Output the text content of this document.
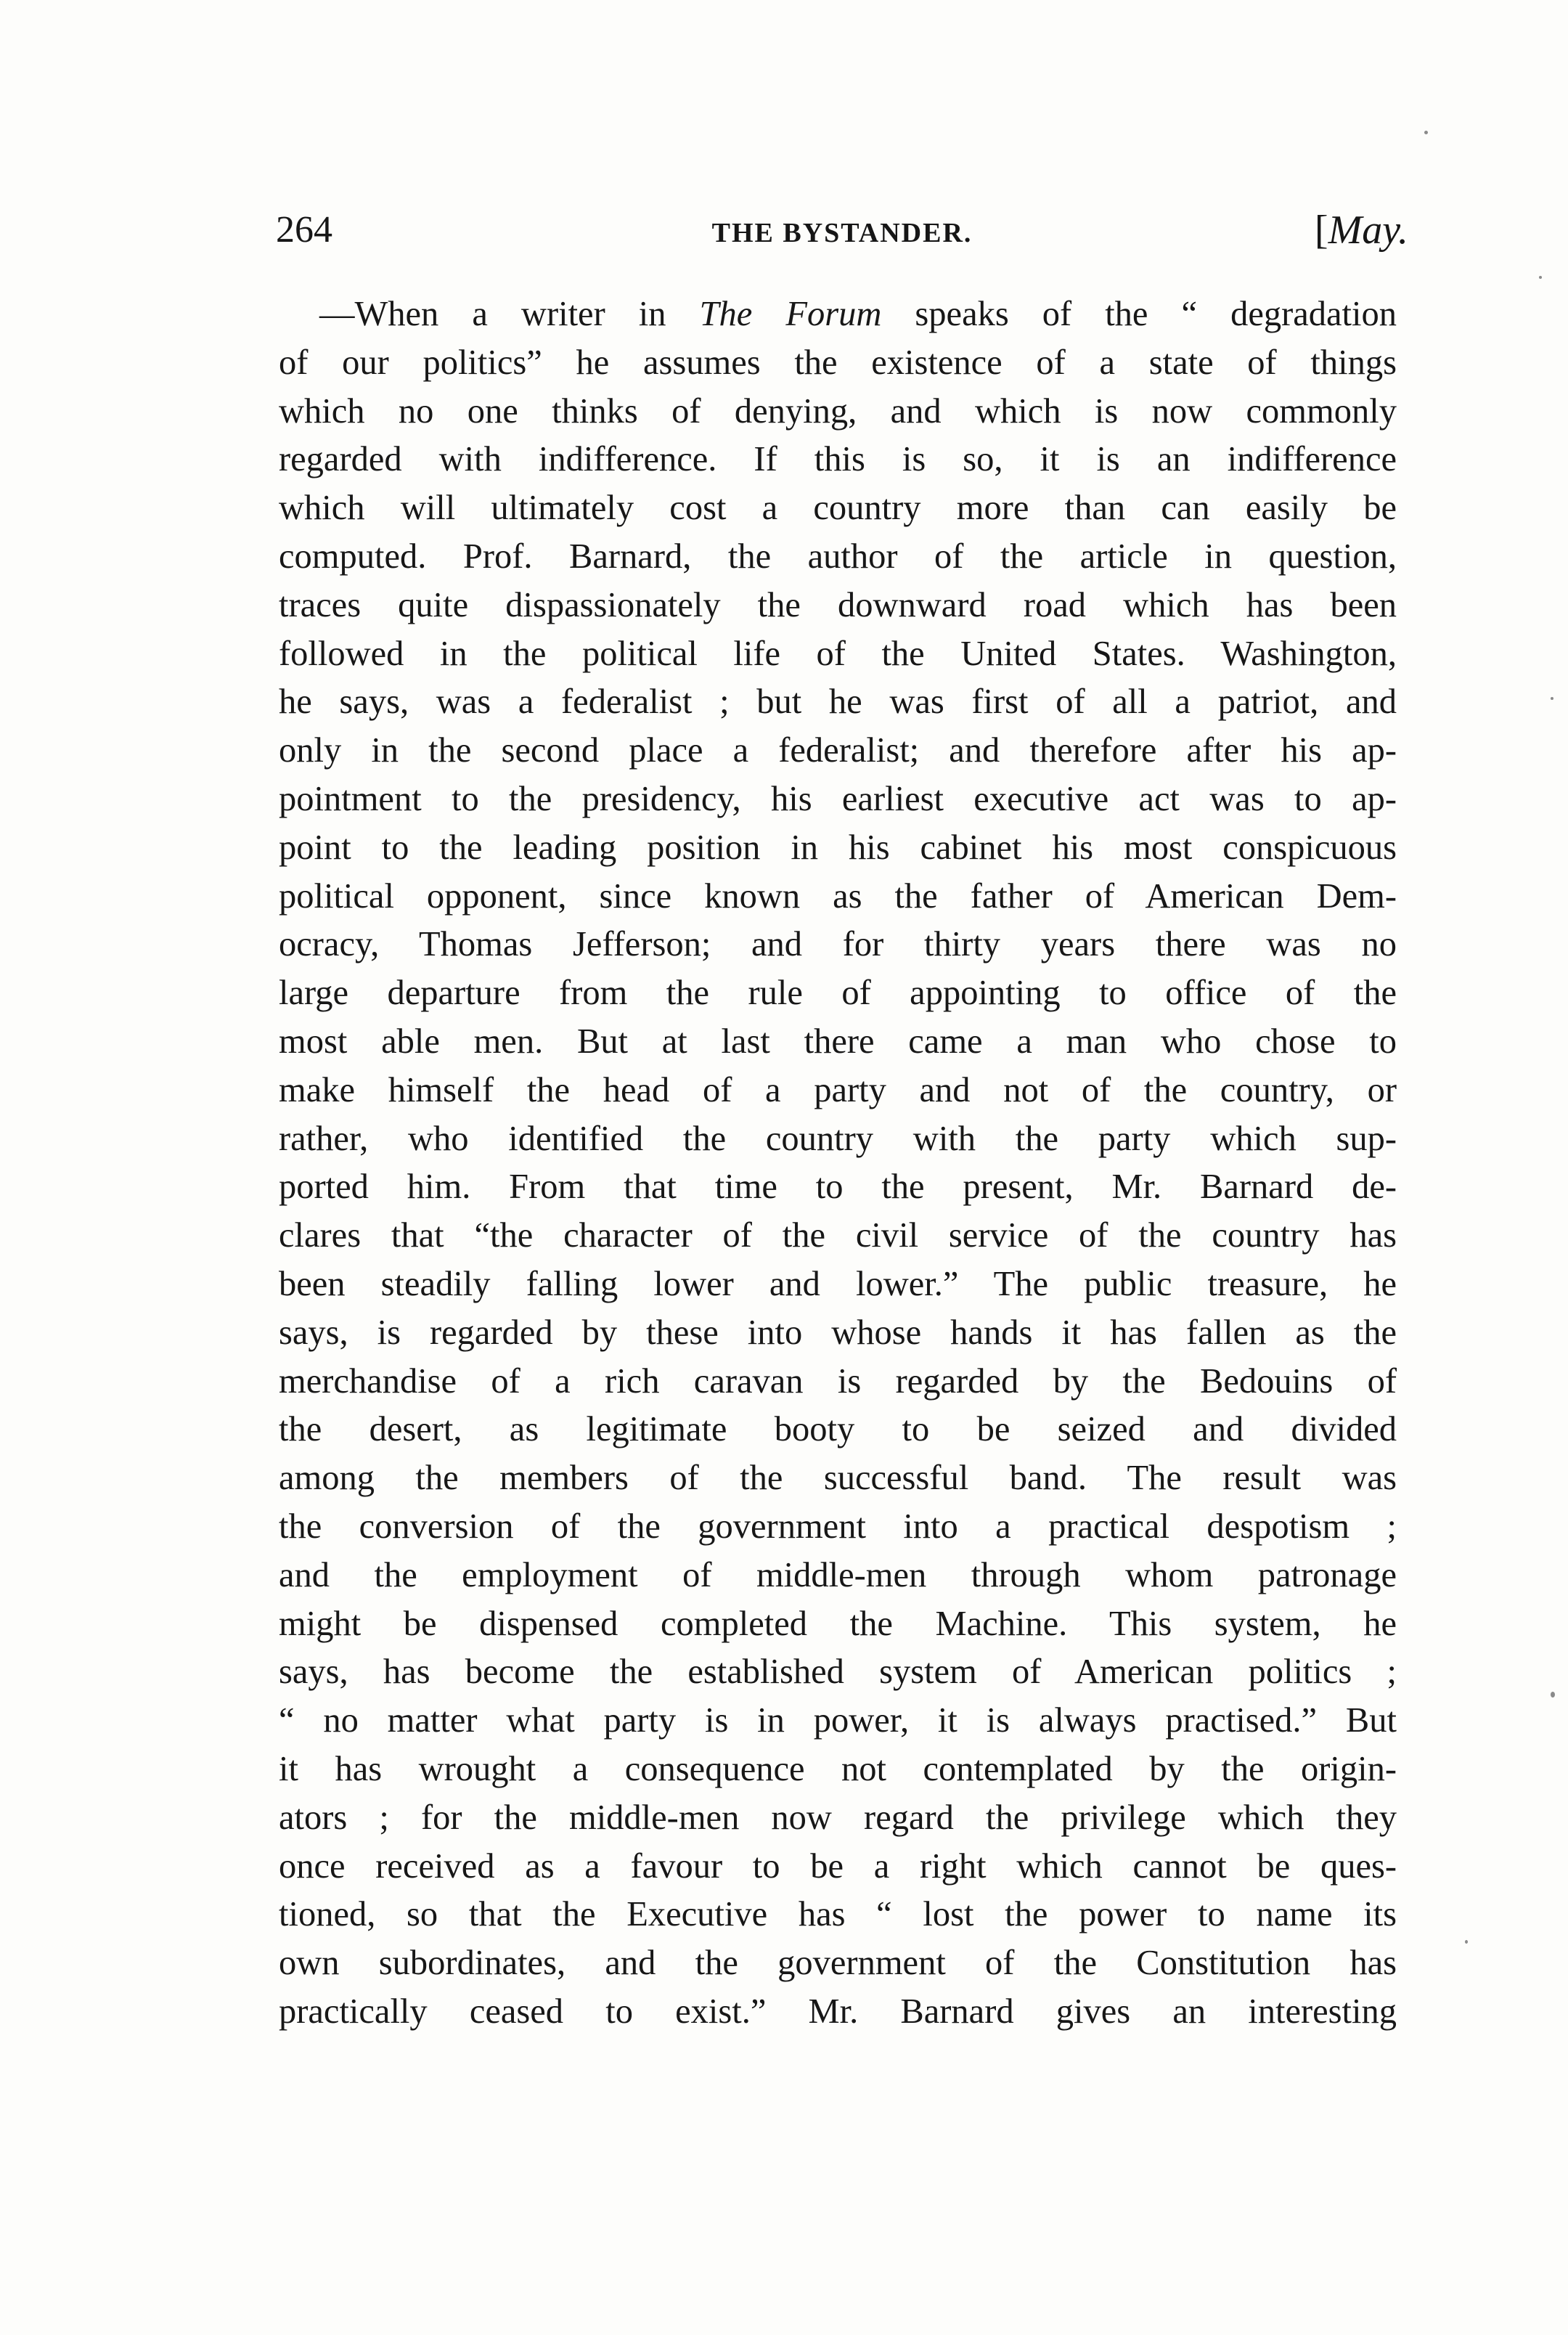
264	THE BYSTANDER.	[May.
—When a writer in The Forum speaks of the “ degradation
of our politics” he assumes the existence of a state of things
which no one thinks of denying, and which is now commonly
regarded with indifference. If this is so, it is an indifference
which will ultimately cost a country more than can easily be
computed. Prof. Barnard, the author of the article in question,
traces quite dispassionately the downward road which has been
followed in the political life of the United States. Washington,
he says, was a federalist ; but he was first of all a patriot, and
only in the second place a federalist; and therefore after his ap-
pointment to the presidency, his earliest executive act was to ap-
point to the leading position in his cabinet his most conspicuous
political opponent, since known as the father of American Dem-
ocracy, Thomas Jefferson; and for thirty years there was no
large departure from the rule of appointing to office of the
most able men. But at last there came a man who chose to
make himself the head of a party and not of the country, or
rather, who identified the country with the party which sup-
ported him. From that time to the present, Mr. Barnard de-
clares that “the character of the civil service of the country has
been steadily falling lower and lower.” The public treasure, he
says, is regarded by these into whose hands it has fallen as the
merchandise of a rich caravan is regarded by the Bedouins of
the desert, as legitimate booty to be seized and divided
among the members of the successful band. The result was
the conversion of the government into a practical despotism ;
and the employment of middle-men through whom patronage
might be dispensed completed the Machine. This system, he
says, has become the established system of American politics ;
“ no matter what party is in power, it is always practised.” But
it has wrought a consequence not contemplated by the origin-
ators ; for the middle-men now regard the privilege which they
once received as a favour to be a right which cannot be ques-
tioned, so that the Executive has “ lost the power to name its
own subordinates, and the government of the Constitution has
practically ceased to exist.” Mr. Barnard gives an interesting
